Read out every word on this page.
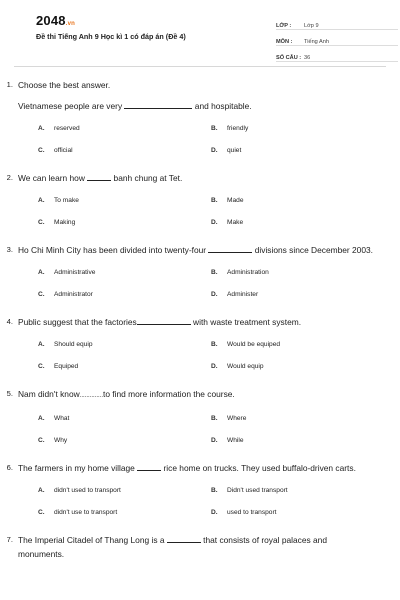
2048.vn
Đề thi Tiếng Anh 9 Học kì 1 có đáp án (Đề 4)
LỚP :	Lớp 9
MÔN :	Tiếng Anh
SỐ CÂU : 36
1. Choose the best answer.
Vietnamese people are very	and hospitable.
A. reserved	B. friendly
C. official	D. quiet
2. We can learn how	banh chung at Tet.
A. To make	B. Made
C. Making	D. Make
3. Ho Chi Minh City has been divided into twenty-four	divisions since December 2003.
A. Administrative	B. Administration
C. Administrator	D. Administer
4. Public suggest that the factories	with waste treatment system.
A. Should equip	B. Would be equiped
C. Equiped	D. Would equip
5. Nam didn't know..............to find more information the course.
A. What	B. Where
C. Why	D. While
6. The farmers in my home village	rice home on trucks. They used buffalo-driven carts.
A. didn't used to transport	B. Didn't used transport
C. didn't use to transport	D. used to transport
7. The Imperial Citadel of Thang Long is a	that consists of royal palaces and monuments.
